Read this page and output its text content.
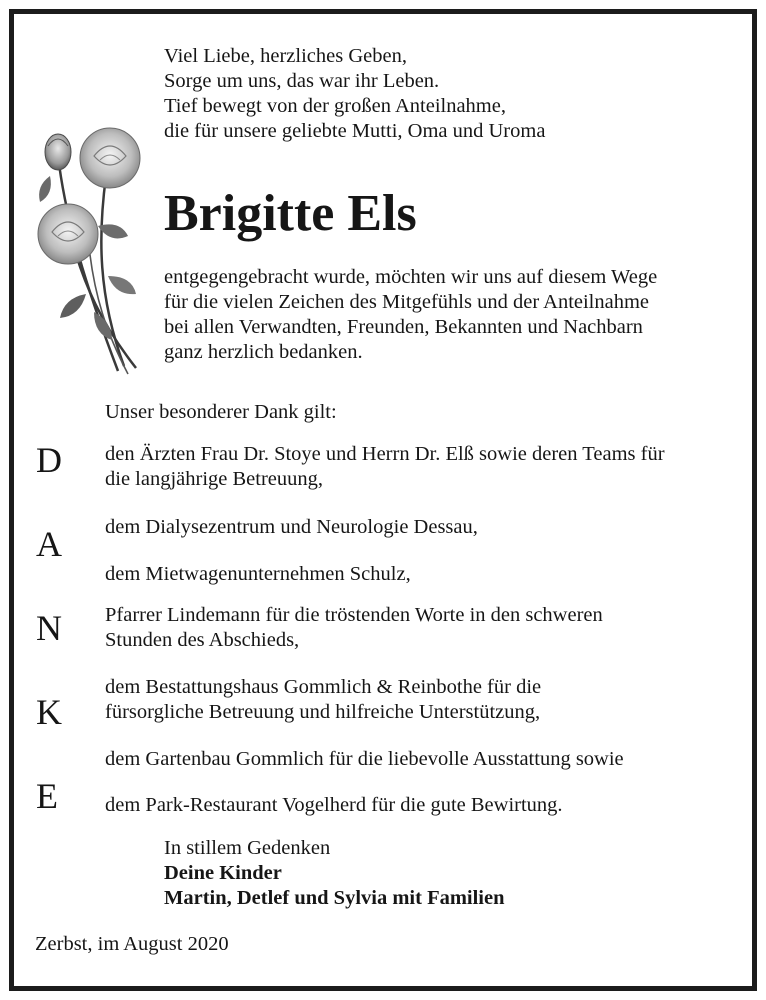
Viel Liebe, herzliches Geben,
Sorge um uns, das war ihr Leben.
Tief bewegt von der großen Anteilnahme,
die für unsere geliebte Mutti, Oma und Uroma
Brigitte Els
entgegengebracht wurde, möchten wir uns auf diesem Wege
für die vielen Zeichen des Mitgefühls und der Anteilnahme
bei allen Verwandten, Freunden, Bekannten und Nachbarn
ganz herzlich bedanken.
Unser besonderer Dank gilt:
D
A
N
K
E
den Ärzten Frau Dr. Stoye und Herrn Dr. Elß sowie deren Teams für
die langjährige Betreuung,
dem Dialysezentrum und Neurologie Dessau,
dem Mietwagenunternehmen Schulz,
Pfarrer Lindemann für die tröstenden Worte in den schweren
Stunden des Abschieds,
dem Bestattungshaus Gommlich & Reinbothe für die
fürsorgliche Betreuung und hilfreiche Unterstützung,
dem Gartenbau Gommlich für die liebevolle Ausstattung sowie
dem Park-Restaurant Vogelherd für die gute Bewirtung.
In stillem Gedenken
Deine Kinder
Martin, Detlef und Sylvia mit Familien
Zerbst, im August 2020
